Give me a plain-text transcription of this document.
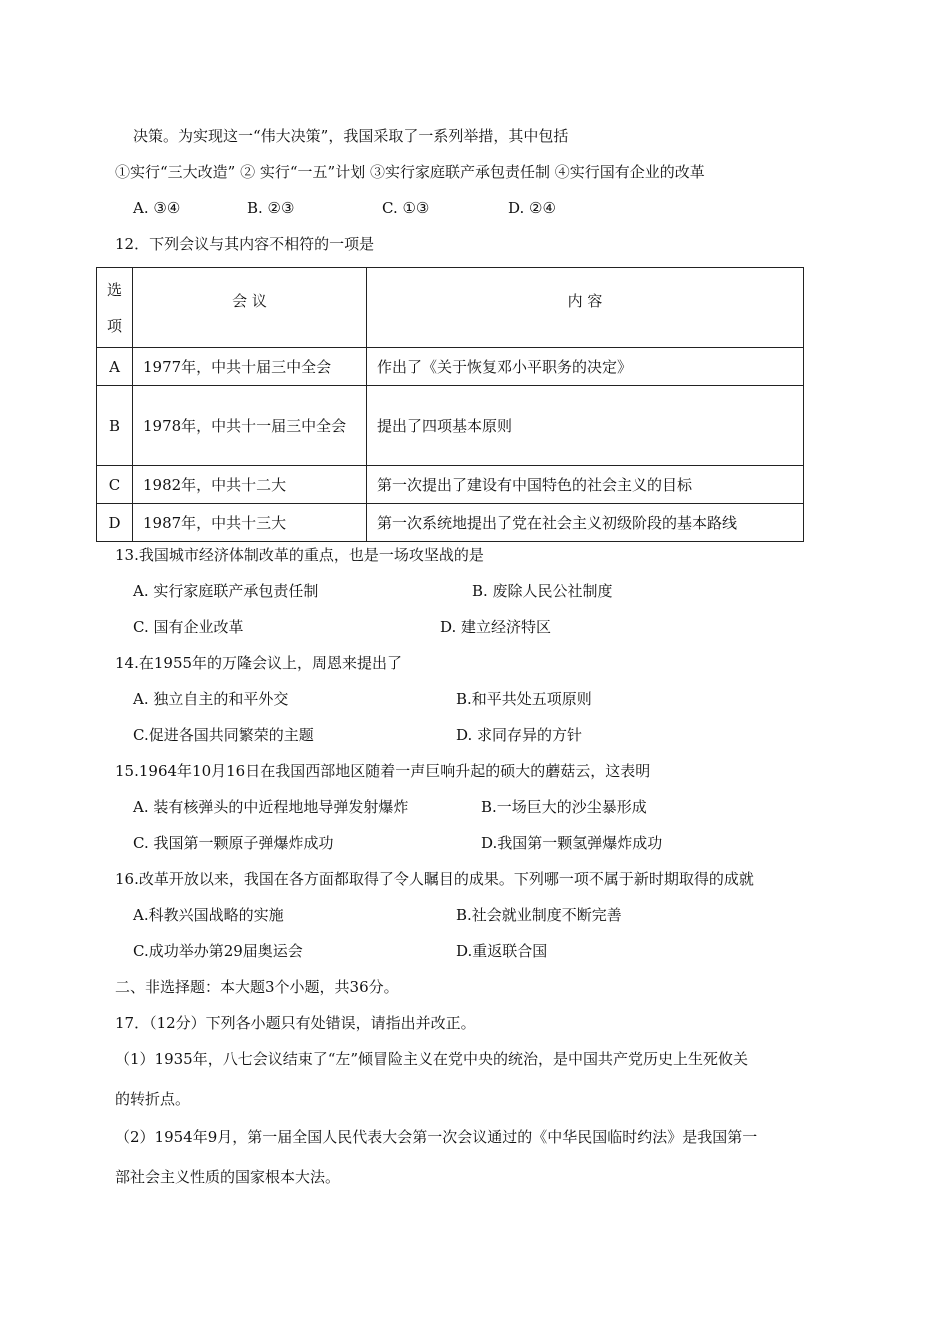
决策。为实现这一“伟大决策”，我国采取了一系列举措，其中包括
①实行“三大改造” ② 实行“一五”计划 ③实行家庭联产承包责任制 ④实行国有企业的改革
A. ③④	B. ②③	C. ①③	D. ②④
12．下列会议与其内容不相符的一项是
选
项	会 议	内 容
A	1977年，中共十届三中全会	作出了《关于恢复邓小平职务的决定》
B	1978年，中共十一届三中全会	提出了四项基本原则
C	1982年，中共十二大	第一次提出了建设有中国特色的社会主义的目标
D	1987年，中共十三大	第一次系统地提出了党在社会主义初级阶段的基本路线
13.我国城市经济体制改革的重点，也是一场攻坚战的是
A. 实行家庭联产承包责任制	B. 废除人民公社制度
C. 国有企业改革	D. 建立经济特区
14.在1955年的万隆会议上，周恩来提出了
A. 独立自主的和平外交	B.和平共处五项原则
C.促进各国共同繁荣的主题	D. 求同存异的方针
15.1964年10月16日在我国西部地区随着一声巨响升起的硕大的蘑菇云，这表明
A. 装有核弹头的中近程地地导弹发射爆炸	B.一场巨大的沙尘暴形成
C. 我国第一颗原子弹爆炸成功	D.我国第一颗氢弹爆炸成功
16.改革开放以来，我国在各方面都取得了令人瞩目的成果。下列哪一项不属于新时期取得的成就
A.科教兴国战略的实施	B.社会就业制度不断完善
C.成功举办第29届奥运会	D.重返联合国
二、非选择题：本大题3个小题，共36分。
17．（12分）下列各小题只有处错误，请指出并改正。
（1）1935年，八七会议结束了“左”倾冒险主义在党中央的统治，是中国共产党历史上生死攸关
的转折点。
（2）1954年9月，第一届全国人民代表大会第一次会议通过的《中华民国临时约法》是我国第一
部社会主义性质的国家根本大法。
